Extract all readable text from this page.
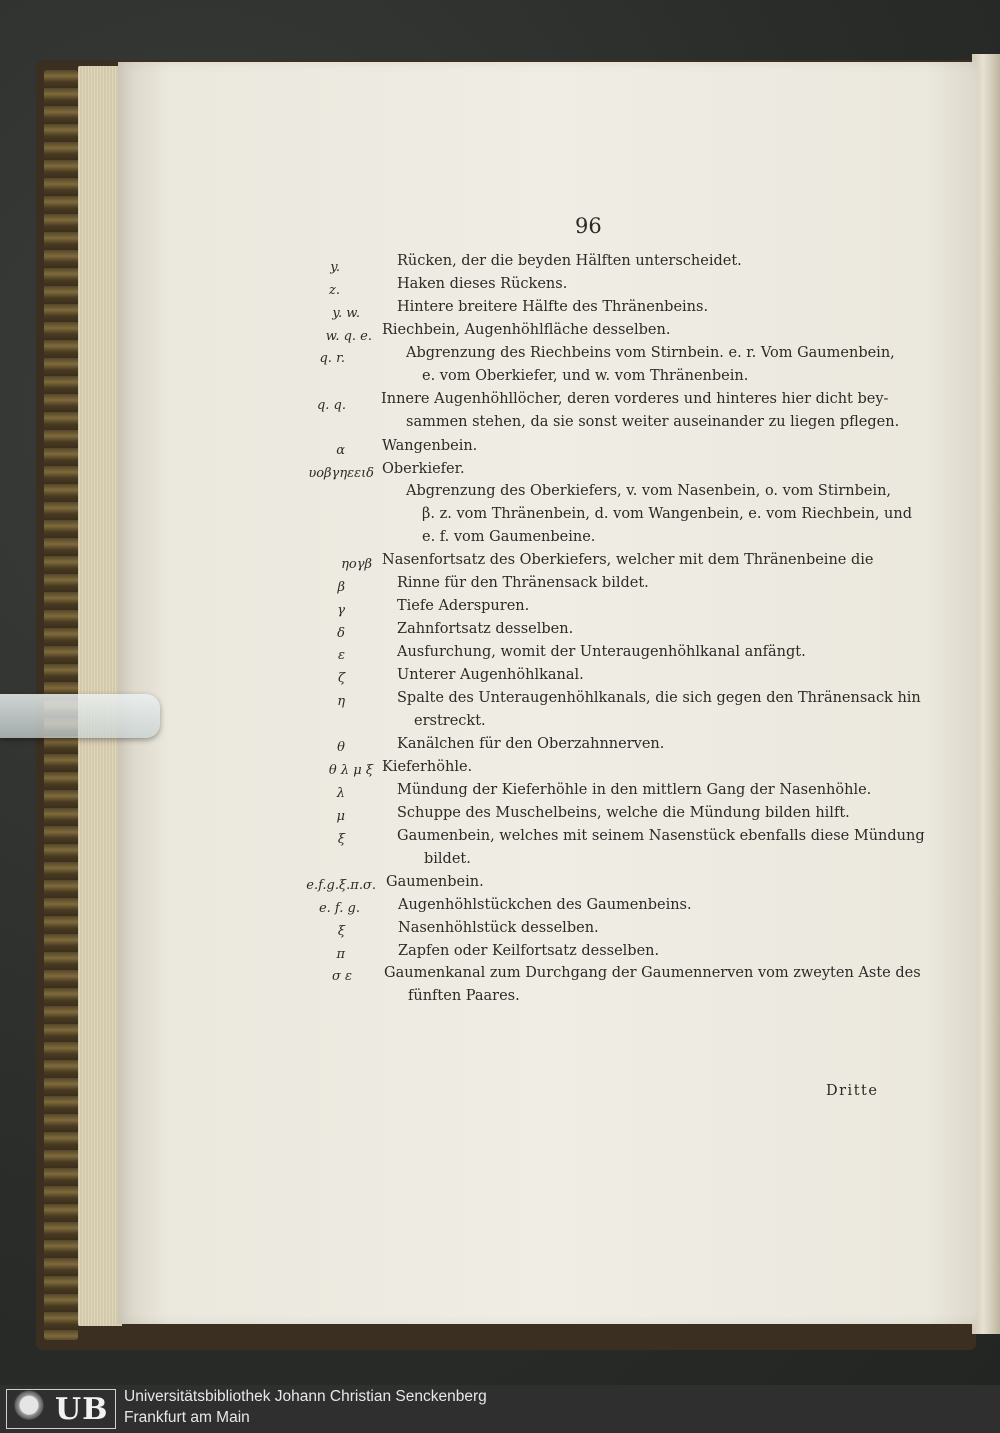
96
y.	Rücken, der die beyden Hälften unterscheidet.
z.	Haken dieses Rückens.
y. w.	Hintere breitere Hälfte des Thränenbeins.
w. q. e. Riechbein, Augenhöhlfläche desselben.
q. r.	Abgrenzung des Riechbeins vom Stirnbein. e. r. Vom Gaumenbein,
e. vom Oberkiefer, und w. vom Thränenbein.
q. q. Innere Augenhöhllöcher, deren vorderes und hinteres hier dicht bey-
sammen stehen, da sie sonst weiter auseinander zu liegen pflegen.
α	Wangenbein.
υοβγηεειδ Oberkiefer.
Abgrenzung des Oberkiefers, v. vom Nasenbein, o. vom Stirnbein,
β. z. vom Thränenbein, d. vom Wangenbein, e. vom Riechbein, und
e. f. vom Gaumenbeine.
ηογβ Nasenfortsatz des Oberkiefers, welcher mit dem Thränenbeine die
β	Rinne für den Thränensack bildet.
γ	Tiefe Aderspuren.
δ	Zahnfortsatz desselben.
ε	Ausfurchung, womit der Unteraugenhöhlkanal anfängt.
ζ	Unterer Augenhöhlkanal.
η	Spalte des Unteraugenhöhlkanals, die sich gegen den Thränensack hin
erstreckt.
θ	Kanälchen für den Oberzahnnerven.
θ λ μ ξ Kieferhöhle.
λ	Mündung der Kieferhöhle in den mittlern Gang der Nasenhöhle.
μ	Schuppe des Muschelbeins, welche die Mündung bilden hilft.
ξ	Gaumenbein, welches mit seinem Nasenstück ebenfalls diese Mündung
bildet.
e.f.g.ξ.π.σ. Gaumenbein.
e. f. g.	Augenhöhlstückchen des Gaumenbeins.
ξ	Nasenhöhlstück desselben.
π	Zapfen oder Keilfortsatz desselben.
σ ε Gaumenkanal zum Durchgang der Gaumennerven vom zweyten Aste des
fünften Paares.
Dritte
UB Universitätsbibliothek Johann Christian Senckenberg
Frankfurt am Main
